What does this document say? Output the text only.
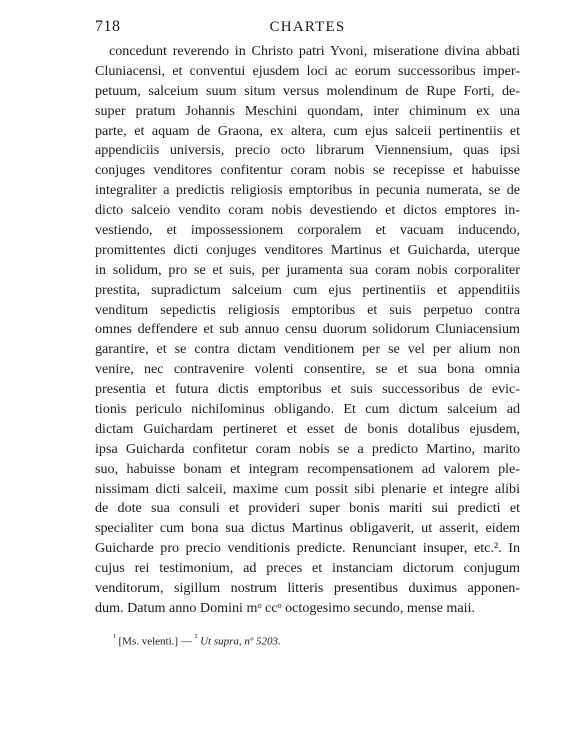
718	CHARTES
concedunt reverendo in Christo patri Yvoni, miseratione divina abbati
Cluniacensi, et conventui ejusdem loci ac eorum successoribus imper-
petuum, salceium suum situm versus molendinum de Rupe Forti, de-
super pratum Johannis Meschini quondam, inter chiminum ex una
parte, et aquam de Graona, ex altera, cum ejus salceii pertinentiis et
appendiciis universis, precio octo librarum Viennensium, quas ipsi
conjuges venditores confitentur coram nobis se recepisse et habuisse
integraliter a predictis religiosis emptoribus in pecunia numerata, se de
dicto salceio vendito coram nobis devestiendo et dictos emptores in-
vestiendo, et impossessionem corporalem et vacuam inducendo,
promittentes dicti conjuges venditores Martinus et Guicharda, uterque
in solidum, pro se et suis, per juramenta sua coram nobis corporaliter
prestita, supradictum salceium cum ejus pertinentiis et appenditiis
venditum sepedictis religiosis emptoribus et suis perpetuo contra
omnes deffendere et sub annuo censu duorum solidorum Cluniacensium
garantire, et se contra dictam venditionem per se vel per alium non
venire, nec contravenire volenti consentire, se et sua bona omnia
presentia et futura dictis emptoribus et suis successoribus de evic-
tionis periculo nichilominus obligando. Et cum dictum salceium ad
dictam Guichardam pertineret et esset de bonis dotalibus ejusdem,
ipsa Guicharda confitetur coram nobis se a predicto Martino, marito
suo, habuisse bonam et integram recompensationem ad valorem ple-
nissimam dicti salceii, maxime cum possit sibi plenarie et integre alibi
de dote sua consuli et provideri super bonis mariti sui predicti et
specialiter cum bona sua dictus Martinus obligaverit, ut asserit, eidem
Guicharde pro precio venditionis predicte. Renunciant insuper, etc.². In
cujus rei testimonium, ad preces et instanciam dictorum conjugum
venditorum, sigillum nostrum litteris presentibus duximus apponen-
dum. Datum anno Domini mᵒ ccᵒ octogesimo secundo, mense maii.
$^{^1}$ [Ms. velenti.] — $^{^2}$ Ut supra, nº 5203.
